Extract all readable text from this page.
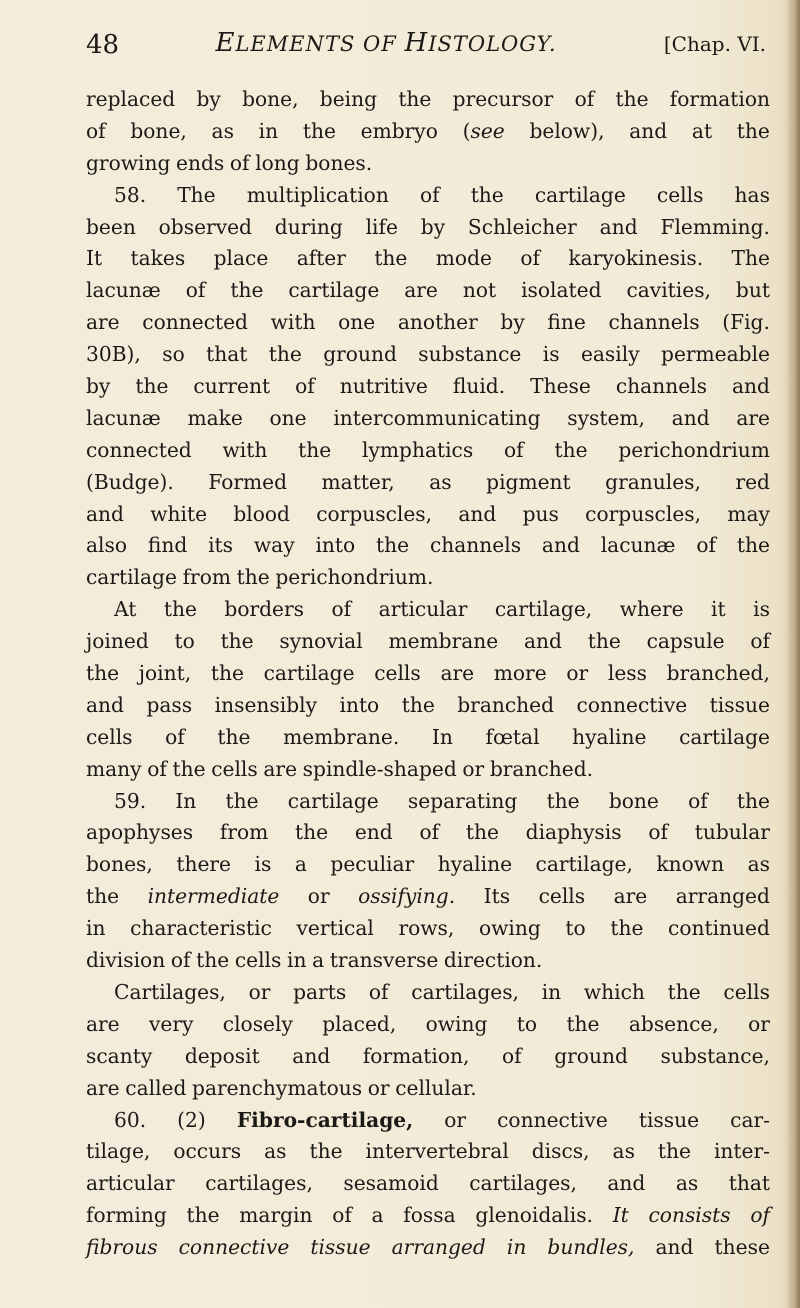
48	ELEMENTS OF HISTOLOGY.	[Chap. VI.
replaced by bone, being the precursor of the formation
of bone, as in the embryo (see below), and at the
growing ends of long bones.
58. The multiplication of the cartilage cells has
been observed during life by Schleicher and Flemming.
It takes place after the mode of karyokinesis. The
lacunæ of the cartilage are not isolated cavities, but
are connected with one another by fine channels (Fig.
30B), so that the ground substance is easily permeable
by the current of nutritive fluid. These channels and
lacunæ make one intercommunicating system, and are
connected with the lymphatics of the perichondrium
(Budge). Formed matter, as pigment granules, red
and white blood corpuscles, and pus corpuscles, may
also find its way into the channels and lacunæ of the
cartilage from the perichondrium.
At the borders of articular cartilage, where it is
joined to the synovial membrane and the capsule of
the joint, the cartilage cells are more or less branched,
and pass insensibly into the branched connective tissue
cells of the membrane. In fœtal hyaline cartilage
many of the cells are spindle-shaped or branched.
59. In the cartilage separating the bone of the
apophyses from the end of the diaphysis of tubular
bones, there is a peculiar hyaline cartilage, known as
the intermediate or ossifying. Its cells are arranged
in characteristic vertical rows, owing to the continued
division of the cells in a transverse direction.
Cartilages, or parts of cartilages, in which the cells
are very closely placed, owing to the absence, or
scanty deposit and formation, of ground substance,
are called parenchymatous or cellular.
60. (2) Fibro-cartilage, or connective tissue car-
tilage, occurs as the intervertebral discs, as the inter-
articular cartilages, sesamoid cartilages, and as that
forming the margin of a fossa glenoidalis. It consists of
fibrous connective tissue arranged in bundles, and these
